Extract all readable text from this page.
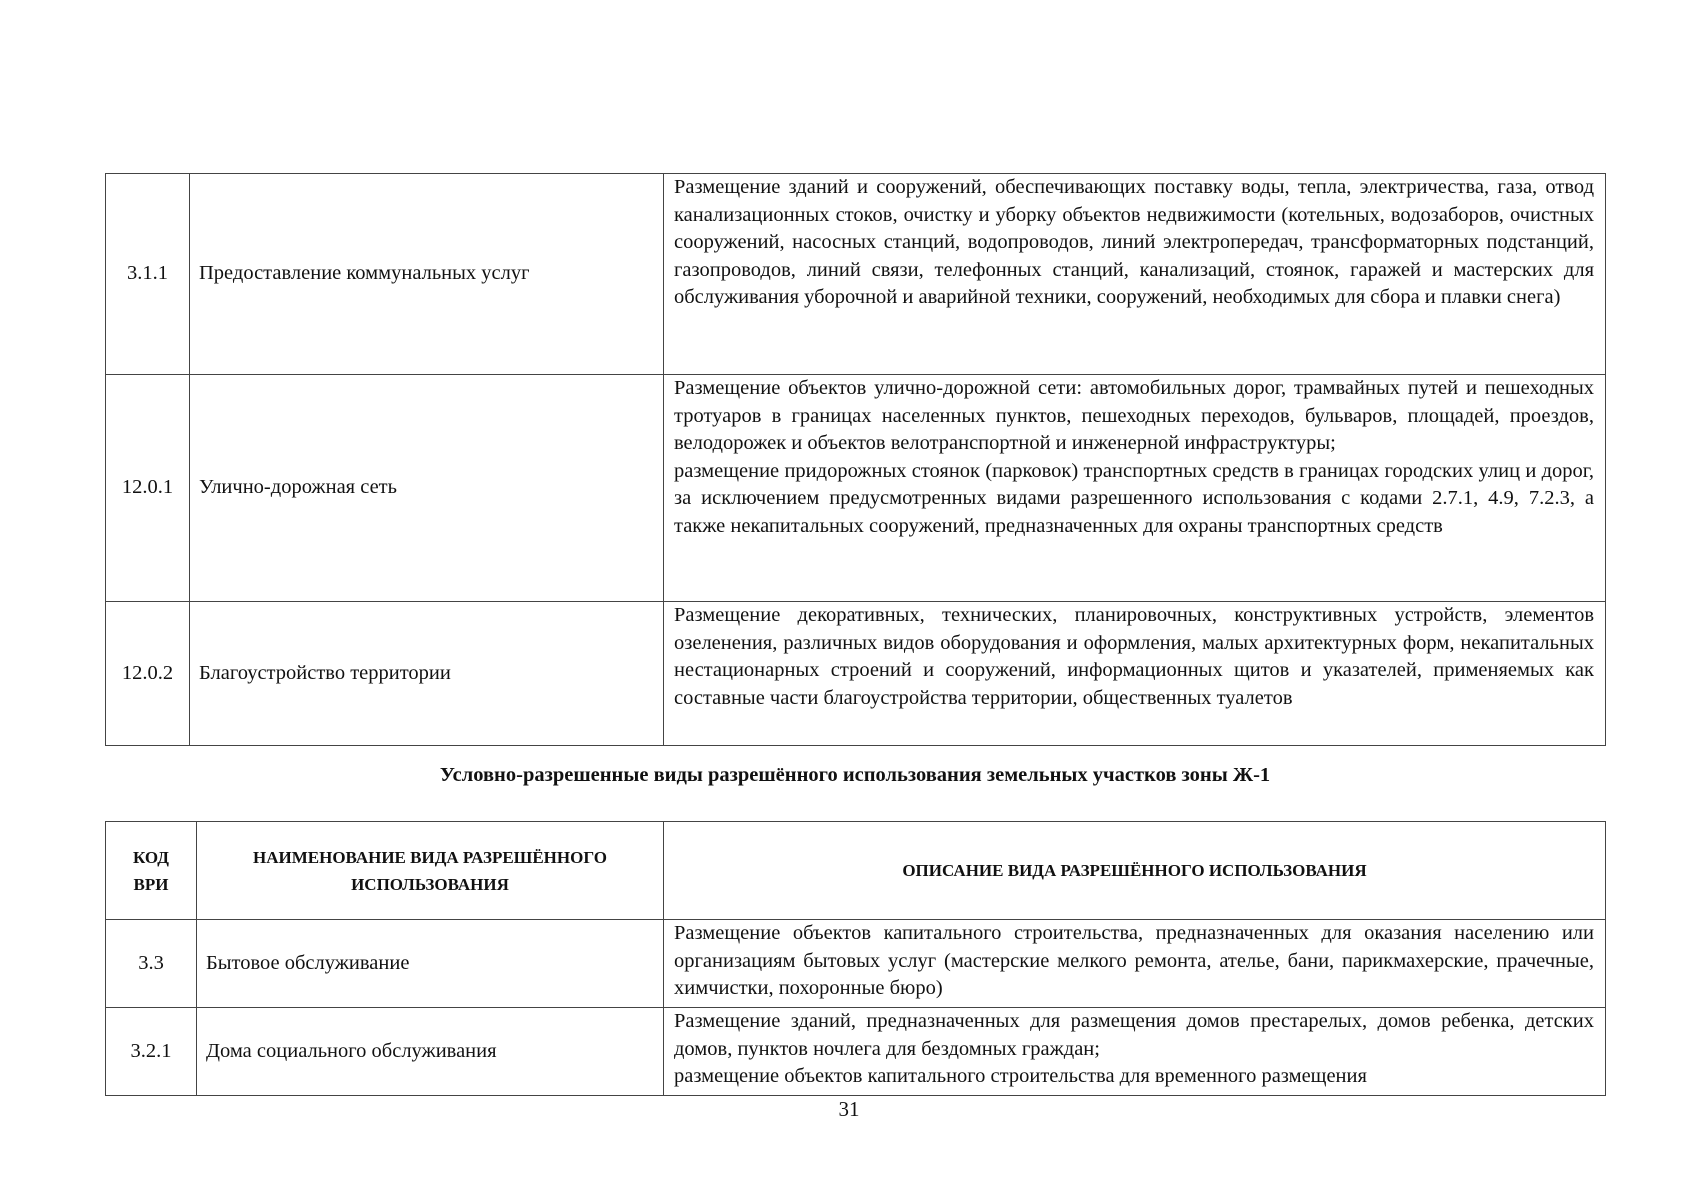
3.1.1	Предоставление коммунальных услуг	Размещение зданий и сооружений, обеспечивающих поставку воды, тепла, электричества, газа, отвод канализационных стоков, очистку и уборку объектов недвижимости (котельных, водозаборов, очистных сооружений, насосных станций, водопроводов, линий электропередач, трансформаторных подстанций, газопроводов, линий связи, телефонных станций, канализаций, стоянок, гаражей и мастерских для обслуживания уборочной и аварийной техники, сооружений, необходимых для сбора и плавки снега)

12.0.1	Улично-дорожная сеть	Размещение объектов улично-дорожной сети: автомобильных дорог, трамвайных путей и пешеходных тротуаров в границах населенных пунктов, пешеходных переходов, бульваров, площадей, проездов, велодорожек и объектов велотранспортной и инженерной инфраструктуры;

размещение придорожных стоянок (парковок) транспортных средств в границах городских улиц и дорог, за исключением предусмотренных видами разрешенного использования с кодами 2.7.1, 4.9, 7.2.3, а также некапитальных сооружений, предназначенных для охраны транспортных средств

12.0.2	Благоустройство территории	Размещение декоративных, технических, планировочных, конструктивных устройств, элементов озеленения, различных видов оборудования и оформления, малых архитектурных форм, некапитальных нестационарных строений и сооружений, информационных щитов и указателей, применяемых как составные части благоустройства территории, общественных туалетов

Условно-разрешенные виды разрешённого использования земельных участков зоны Ж-1
КОД
ВРИ	НАИМЕНОВАНИЕ ВИДА РАЗРЕШЁННОГО ИСПОЛЬЗОВАНИЯ	ОПИСАНИЕ ВИДА РАЗРЕШЁННОГО ИСПОЛЬЗОВАНИЯ
3.3	Бытовое обслуживание	Размещение объектов капитального строительства, предназначенных для оказания населению или организациям бытовых услуг (мастерские мелкого ремонта, ателье, бани, парикмахерские, прачечные, химчистки, похоронные бюро)

3.2.1	Дома социального обслуживания	Размещение зданий, предназначенных для размещения домов престарелых, домов ребенка, детских домов, пунктов ночлега для бездомных граждан;

размещение объектов капитального строительства для временного размещения

31
